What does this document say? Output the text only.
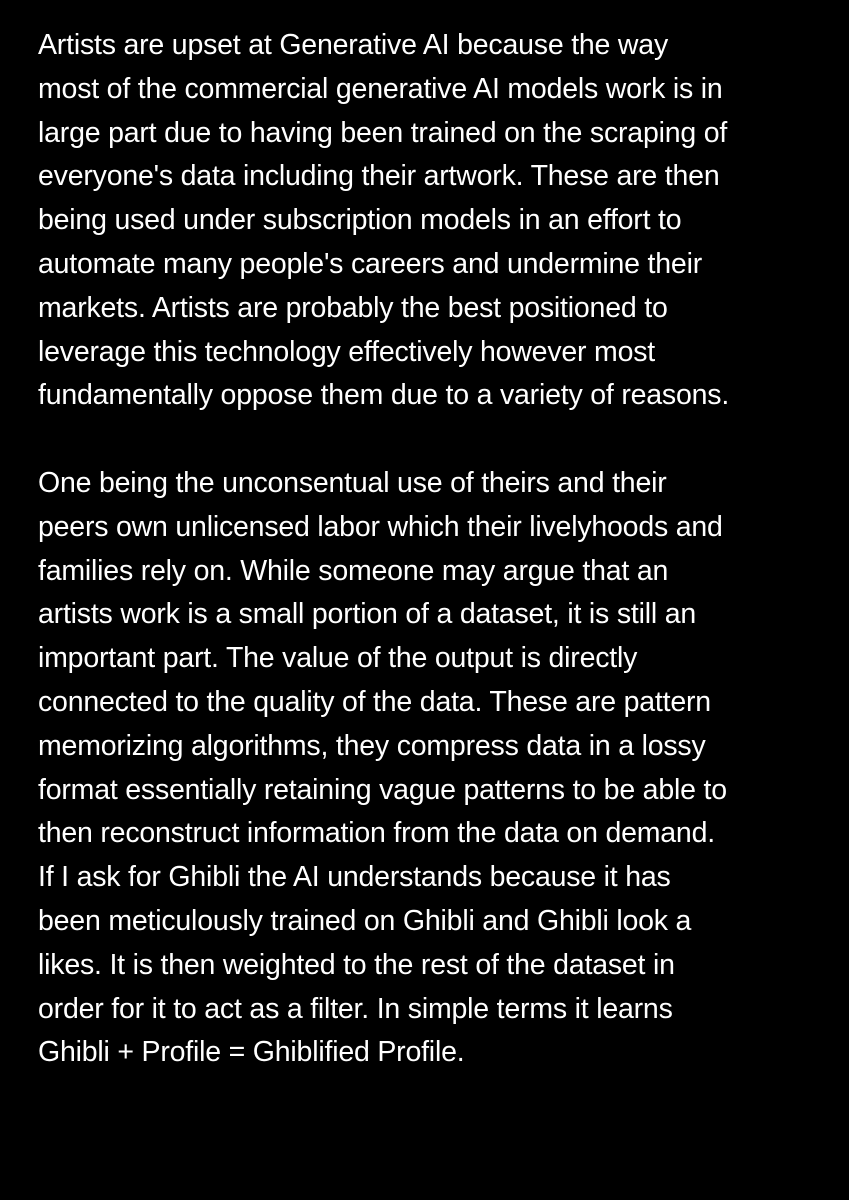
Artists are upset at Generative AI because the way
most of the commercial generative AI models work is in
large part due to having been trained on the scraping of
everyone's data including their artwork. These are then
being used under subscription models in an effort to
automate many people's careers and undermine their
markets. Artists are probably the best positioned to
leverage this technology effectively however most
fundamentally oppose them due to a variety of reasons.

One being the unconsentual use of theirs and their
peers own unlicensed labor which their livelyhoods and
families rely on. While someone may argue that an
artists work is a small portion of a dataset, it is still an
important part. The value of the output is directly
connected to the quality of the data. These are pattern
memorizing algorithms, they compress data in a lossy
format essentially retaining vague patterns to be able to
then reconstruct information from the data on demand.
If I ask for Ghibli the AI understands because it has
been meticulously trained on Ghibli and Ghibli look a
likes. It is then weighted to the rest of the dataset in
order for it to act as a filter. In simple terms it learns
Ghibli + Profile = Ghiblified Profile.
